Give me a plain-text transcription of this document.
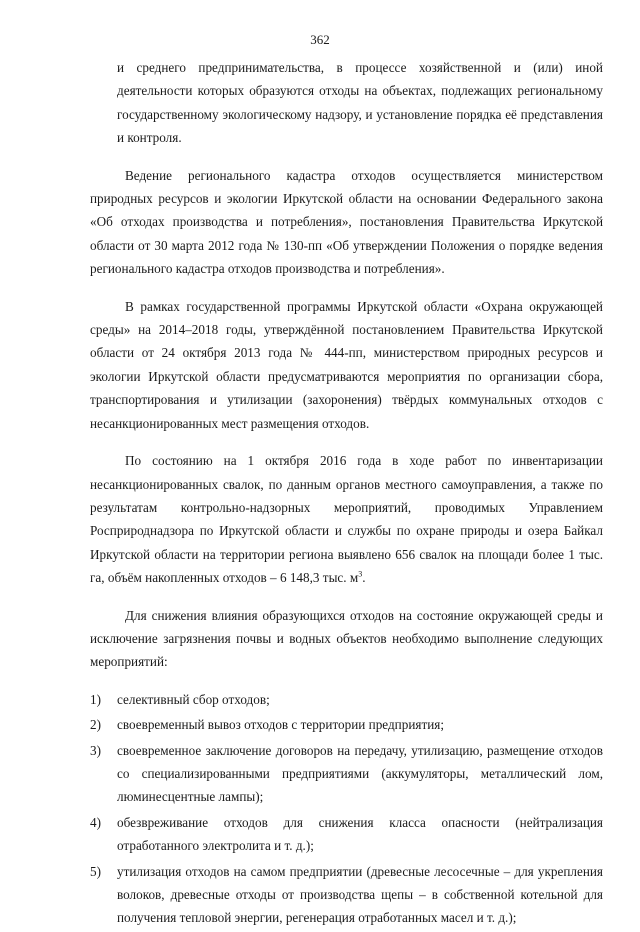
362

и среднего предпринимательства, в процессе хозяйственной и (или) иной деятельности которых образуются отходы на объектах, подлежащих региональному государственному экологическому надзору, и установление порядка её представления и контроля.

Ведение регионального кадастра отходов осуществляется министерством природных ресурсов и экологии Иркутской области на основании Федерального закона «Об отходах производства и потребления», постановления Правительства Иркутской области от 30 марта 2012 года № 130-пп «Об утверждении Положения о порядке ведения регионального кадастра отходов производства и потребления».

В рамках государственной программы Иркутской области «Охрана окружающей среды» на 2014–2018 годы, утверждённой постановлением Правительства Иркутской области от 24 октября 2013 года № 444-пп, министерством природных ресурсов и экологии Иркутской области предусматриваются мероприятия по организации сбора, транспортирования и утилизации (захоронения) твёрдых коммунальных отходов с несанкционированных мест размещения отходов.

По состоянию на 1 октября 2016 года в ходе работ по инвентаризации несанкционированных свалок, по данным органов местного самоуправления, а также по результатам контрольно-надзорных мероприятий, проводимых Управлением Росприроднадзора по Иркутской области и службы по охране природы и озера Байкал Иркутской области на территории региона выявлено 656 свалок на площади более 1 тыс. га, объём накопленных отходов – 6 148,3 тыс. $м^3$.

Для снижения влияния образующихся отходов на состояние окружающей среды и исключение загрязнения почвы и водных объектов необходимо выполнение следующих мероприятий:

1)	селективный сбор отходов;
2)	своевременный вывоз отходов с территории предприятия;
3)	своевременное заключение договоров на передачу, утилизацию, размещение отходов со специализированными предприятиями (аккумуляторы, металлический лом, люминесцентные лампы);
4)	обезвреживание отходов для снижения класса опасности (нейтрализация отработанного электролита и т. д.);
5)	утилизация отходов на самом предприятии (древесные лесосечные – для укрепления волоков, древесные отходы от производства щепы – в собственной котельной для получения тепловой энергии, регенерация отработанных масел и т. д.);
